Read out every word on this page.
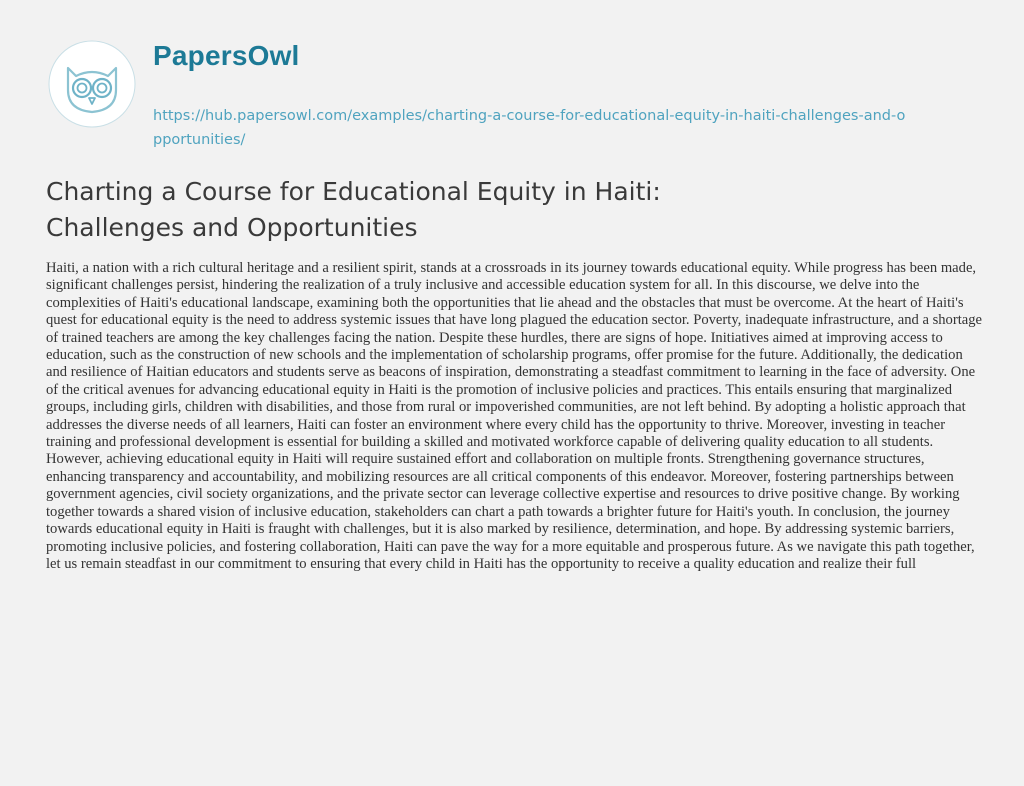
PapersOwl
https://hub.papersowl.com/examples/charting-a-course-for-educational-equity-in-haiti-challenges-and-opportunities/
Charting a Course for Educational Equity in Haiti:
Challenges and Opportunities

Haiti, a nation with a rich cultural heritage and a resilient spirit, stands at a crossroads in its journey towards educational equity. While progress has been made, significant challenges persist, hindering the realization of a truly inclusive and accessible education system for all. In this discourse, we delve into the complexities of Haiti's educational landscape, examining both the opportunities that lie ahead and the obstacles that must be overcome. At the heart of Haiti's quest for educational equity is the need to address systemic issues that have long plagued the education sector. Poverty, inadequate infrastructure, and a shortage of trained teachers are among the key challenges facing the nation. Despite these hurdles, there are signs of hope. Initiatives aimed at improving access to education, such as the construction of new schools and the implementation of scholarship programs, offer promise for the future. Additionally, the dedication and resilience of Haitian educators and students serve as beacons of inspiration, demonstrating a steadfast commitment to learning in the face of adversity. One of the critical avenues for advancing educational equity in Haiti is the promotion of inclusive policies and practices. This entails ensuring that marginalized groups, including girls, children with disabilities, and those from rural or impoverished communities, are not left behind. By adopting a holistic approach that addresses the diverse needs of all learners, Haiti can foster an environment where every child has the opportunity to thrive. Moreover, investing in teacher training and professional development is essential for building a skilled and motivated workforce capable of delivering quality education to all students. However, achieving educational equity in Haiti will require sustained effort and collaboration on multiple fronts. Strengthening governance structures, enhancing transparency and accountability, and mobilizing resources are all critical components of this endeavor. Moreover, fostering partnerships between government agencies, civil society organizations, and the private sector can leverage collective expertise and resources to drive positive change. By working together towards a shared vision of inclusive education, stakeholders can chart a path towards a brighter future for Haiti's youth. In conclusion, the journey towards educational equity in Haiti is fraught with challenges, but it is also marked by resilience, determination, and hope. By addressing systemic barriers, promoting inclusive policies, and fostering collaboration, Haiti can pave the way for a more equitable and prosperous future. As we navigate this path together, let us remain steadfast in our commitment to ensuring that every child in Haiti has the opportunity to receive a quality education and realize their full
